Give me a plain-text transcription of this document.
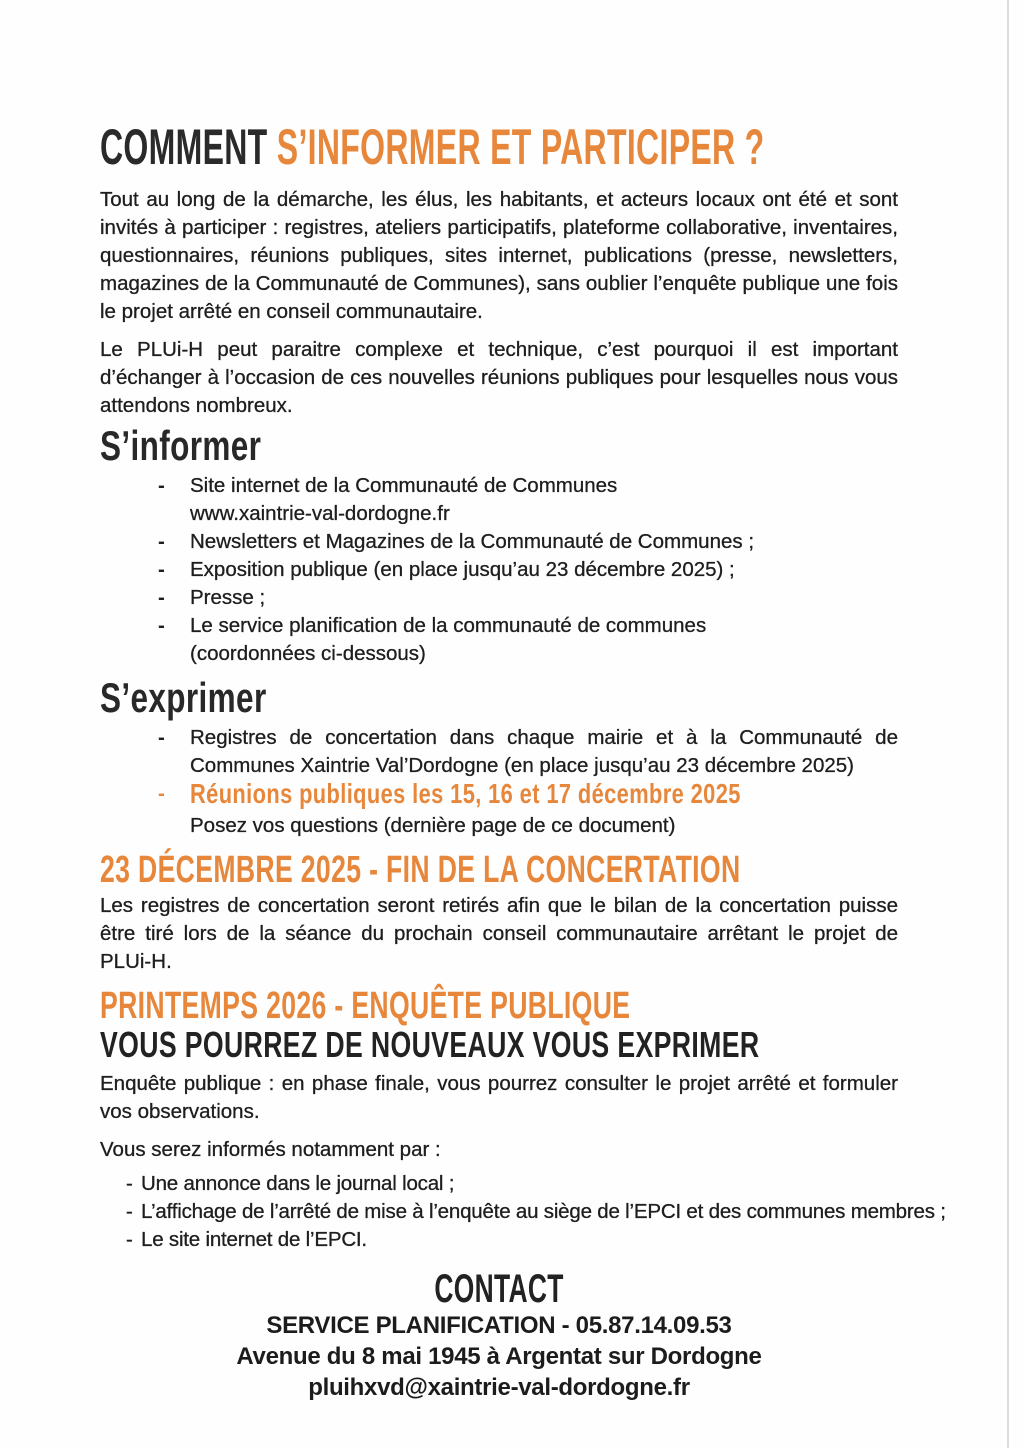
COMMENT S’INFORMER ET PARTICIPER ?

Tout au long de la démarche, les élus, les habitants, et acteurs locaux ont été et sont invités à participer : registres, ateliers participatifs, plateforme collaborative, inventaires, questionnaires, réunions publiques, sites internet, publications (presse, newsletters, magazines de la Communauté de Communes), sans oublier l’enquête publique une fois le projet arrêté en conseil communautaire.

Le PLUi-H peut paraitre complexe et technique, c’est pourquoi il est important d’échanger à l’occasion de ces nouvelles réunions publiques pour lesquelles nous vous attendons nombreux.

S’informer
-	Site internet de la Communauté de Communes
www.xaintrie-val-dordogne.fr
-	Newsletters et Magazines de la Communauté de Communes ;
-	Exposition publique (en place jusqu’au 23 décembre 2025) ;
-	Presse ;
-	Le service planification de la communauté de communes
(coordonnées ci-dessous)
S’exprimer
-	Registres de concertation dans chaque mairie et à la Communauté de Communes Xaintrie Val’Dordogne (en place jusqu’au 23 décembre 2025)
- Réunions publiques les 15, 16 et 17 décembre 2025
Posez vos questions (dernière page de ce document)
23 DÉCEMBRE 2025 - FIN DE LA CONCERTATION

Les registres de concertation seront retirés afin que le bilan de la concertation puisse être tiré lors de la séance du prochain conseil communautaire arrêtant le projet de PLUi-H.

PRINTEMPS 2026 - ENQUÊTE PUBLIQUE
VOUS POURREZ DE NOUVEAUX VOUS EXPRIMER

Enquête publique : en phase finale, vous pourrez consulter le projet arrêté et formuler vos observations.

Vous serez informés notamment par :

- Une annonce dans le journal local ;
- L’affichage de l’arrêté de mise à l’enquête au siège de l’EPCI et des communes membres ;
- Le site internet de l’EPCI.
CONTACT
SERVICE PLANIFICATION - 05.87.14.09.53
Avenue du 8 mai 1945 à Argentat sur Dordogne
pluihxvd@xaintrie-val-dordogne.fr
